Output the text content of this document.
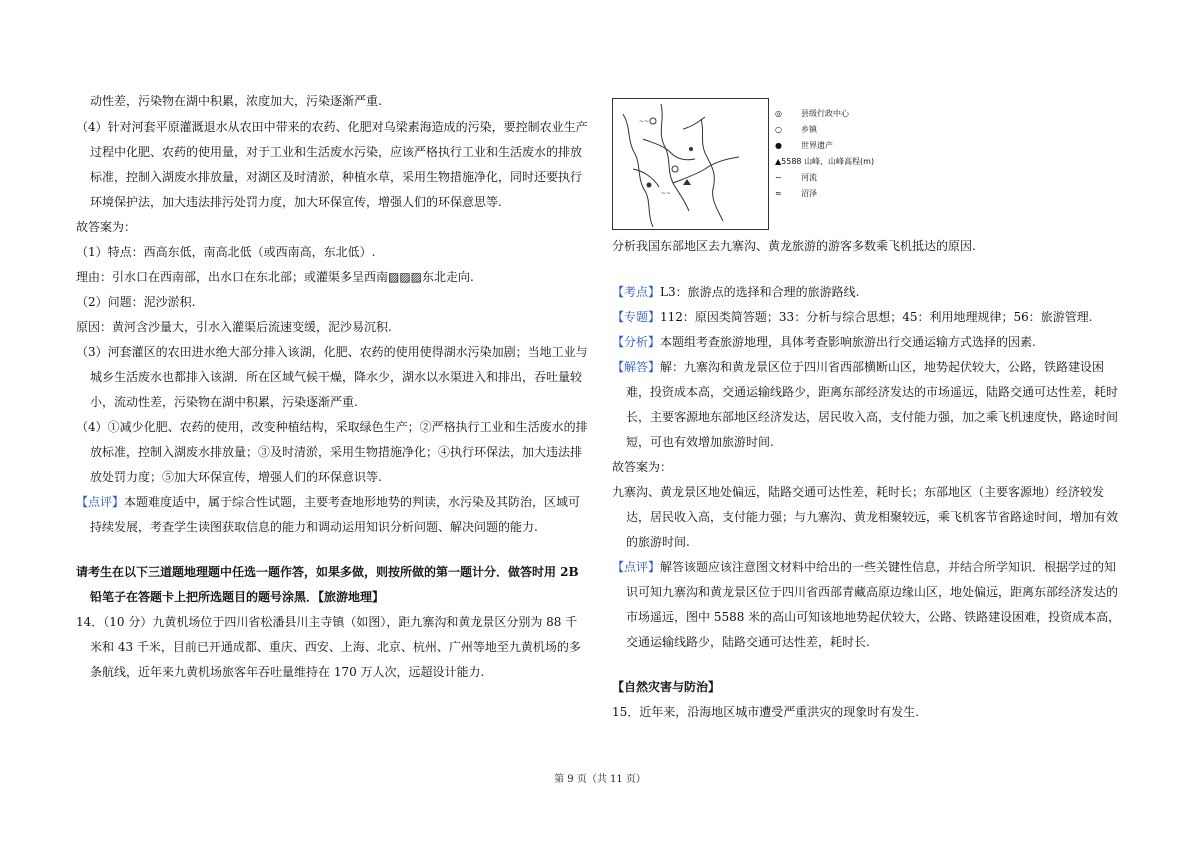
动性差，污染物在湖中积累，浓度加大，污染逐渐严重.
（4）针对河套平原灌溉退水从农田中带来的农药、化肥对乌梁素海造成的污染，要控制农业生产
过程中化肥、农药的使用量，对于工业和生活废水污染，应该严格执行工业和生活废水的排放
标准，控制入湖废水排放量，对湖区及时清淤，种植水草，采用生物措施净化，同时还要执行
环境保护法，加大违法排污处罚力度，加大环保宣传，增强人们的环保意思等.
故答案为：
（1）特点：西高东低，南高北低（或西南高，东北低）.
理由：引水口在西南部，出水口在东北部；或灌渠多呈西南▨▨▨东北走向.
（2）问题：泥沙淤积.
原因：黄河含沙量大，引水入灌渠后流速变缓，泥沙易沉积.
（3）河套灌区的农田进水绝大部分排入该湖，化肥、农药的使用使得湖水污染加剧；当地工业与
城乡生活废水也都排入该湖．所在区域气候干燥，降水少，湖水以水渠进入和排出，吞吐量较
小，流动性差，污染物在湖中积累，污染逐渐严重.
（4）①减少化肥、农药的使用，改变种植结构，采取绿色生产；②严格执行工业和生活废水的排
放标准，控制入湖废水排放量；③及时清淤，采用生物措施净化；④执行环保法，加大违法排
放处罚力度；⑤加大环保宣传，增强人们的环保意识等.
【点评】本题难度适中，属于综合性试题，主要考查地形地势的判读，水污染及其防治，区域可
持续发展，考查学生读图获取信息的能力和调动运用知识分析问题、解决问题的能力.
请考生在以下三道题地理题中任选一题作答，如果多做，则按所做的第一题计分．做答时用 2B
铅笔子在答题卡上把所选题目的题号涂黑．【旅游地理】
14．（10 分）九黄机场位于四川省松潘县川主寺镇（如图），距九寨沟和黄龙景区分别为 88 千
米和 43 千米，目前已开通成都、重庆、西安、上海、北京、杭州、广州等地至九黄机场的多
条航线，近年来九黄机场旅客年吞吐量维持在 170 万人次，远超设计能力.
~~
~~
◎ 县级行政中心
○ 乡镇
● 世界遗产
▲5588 山峰、山峰高程(m)
∼ 河流
≈ 沼泽
分析我国东部地区去九寨沟、黄龙旅游的游客多数乘飞机抵达的原因.
【考点】L3：旅游点的选择和合理的旅游路线.
【专题】112：原因类简答题；33：分析与综合思想；45：利用地理规律；56：旅游管理.
【分析】本题组考查旅游地理，具体考查影响旅游出行交通运输方式选择的因素.
【解答】解：九寨沟和黄龙景区位于四川省西部横断山区，地势起伏较大，公路，铁路建设困
难，投资成本高，交通运输线路少，距离东部经济发达的市场遥远，陆路交通可达性差，耗时
长，主要客源地东部地区经济发达，居民收入高，支付能力强，加之乘飞机速度快，路途时间
短，可也有效增加旅游时间.
故答案为：
九寨沟、黄龙景区地处偏远，陆路交通可达性差，耗时长；东部地区（主要客源地）经济较发
达，居民收入高，支付能力强；与九寨沟、黄龙相聚较远，乘飞机客节省路途时间，增加有效
的旅游时间.
【点评】解答该题应该注意图文材料中给出的一些关键性信息，并结合所学知识．根据学过的知
识可知九寨沟和黄龙景区位于四川省西部青藏高原边缘山区，地处偏远，距离东部经济发达的
市场遥远，图中 5588 米的高山可知该地地势起伏较大，公路、铁路建设困难，投资成本高，
交通运输线路少，陆路交通可达性差，耗时长.
【自然灾害与防治】
15．近年来，沿海地区城市遭受严重洪灾的现象时有发生.
第 9 页（共 11 页）
